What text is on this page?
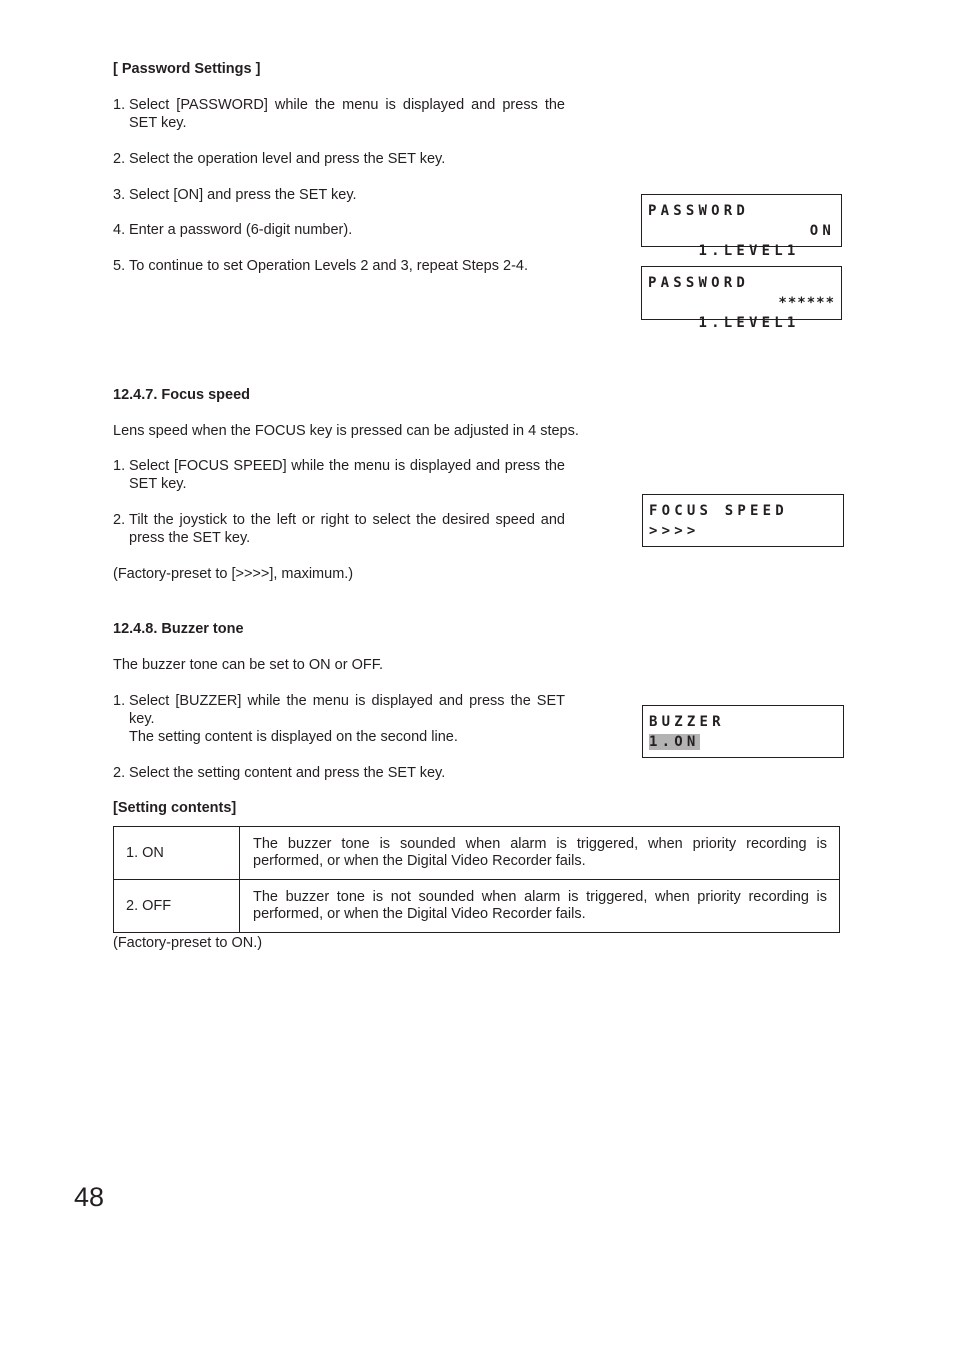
[ Password Settings ]
1. Select [PASSWORD] while the menu is displayed and press the SET key.
2. Select the operation level and press the SET key.
3. Select [ON] and press the SET key.
4. Enter a password (6-digit number).
5. To continue to set Operation Levels 2 and 3, repeat Steps 2-4.
PASSWORD

1.LEVEL1

ON

PASSWORD

1.LEVEL1

******

12.4.7. Focus speed
Lens speed when the FOCUS key is pressed can be adjusted in 4 steps.
1. Select [FOCUS SPEED] while the menu is displayed and press the SET key.
2. Tilt the joystick to the left or right to select the desired speed and press the SET key.
(Factory-preset to [>>>>], maximum.)
FOCUS SPEED
>>>>
12.4.8. Buzzer tone
The buzzer tone can be set to ON or OFF.
1. Select [BUZZER] while the menu is displayed and press the SET key.
The setting content is displayed on the second line.
2. Select the setting content and press the SET key.
BUZZER
1.ON
[Setting contents]
1. ON	The buzzer tone is sounded when alarm is triggered, when priority recording is performed, or when the Digital Video Recorder fails.
2. OFF	The buzzer tone is not sounded when alarm is triggered, when priority recording is performed, or when the Digital Video Recorder fails.
(Factory-preset to ON.)
48
